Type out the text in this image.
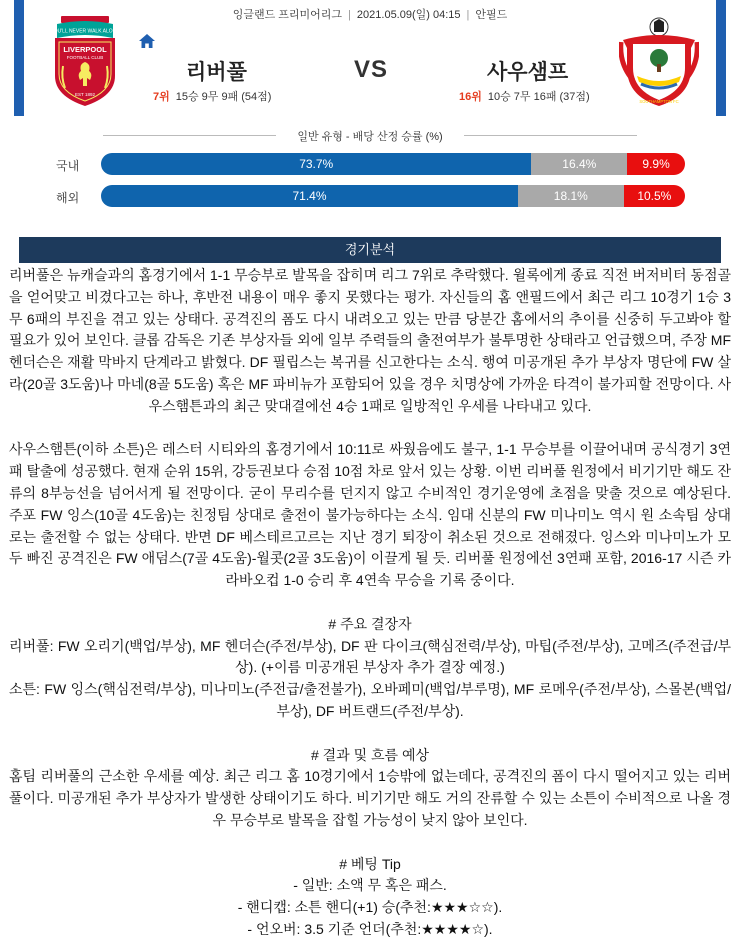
잉글랜드 프리미어리그 | 2021.05.09(일) 04:15 | 안필드
YOU'LL NEVER WALK ALONE
LIVERPOOL
FOOTBALL CLUB
EST 1892
SOUTHAMPTON FC
리버풀	VS	사우샘프
7위 15승 9무 9패 (54점)	16위 10승 7무 16패 (37점)
일반 유형 - 배당 산정 승률 (%)
국내	73.7%	16.4%	9.9%
해외	71.4%	18.1%	10.5%
경기분석

리버풀은 뉴캐슬과의 홈경기에서 1-1 무승부로 발목을 잡히며 리그 7위로 추락했다. 윌록에게 종료 직전 버저비터 동점골을 얻어맞고 비겼다고는 하나, 후반전 내용이 매우 좋지 못했다는 평가. 자신들의 홈 앤필드에서 최근 리그 10경기 1승 3무 6패의 부진을 겪고 있는 상태다. 공격진의 폼도 다시 내려오고 있는 만큼 당분간 홈에서의 추이를 신중히 두고봐야 할 필요가 있어 보인다. 클롭 감독은 기존 부상자들 외에 일부 주력들의 출전여부가 불투명한 상태라고 언급했으며, 주장 MF 헨더슨은 재활 막바지 단계라고 밝혔다. DF 필립스는 복귀를 신고한다는 소식. 행여 미공개된 추가 부상자 명단에 FW 살라(20골 3도움)나 마네(8골 5도움) 혹은 MF 파비뉴가 포함되어 있을 경우 치명상에 가까운 타격이 불가피할 전망이다. 사우스햄튼과의 최근 맞대결에선 4승 1패로 일방적인 우세를 나타내고 있다.

사우스햄튼(이하 소튼)은 레스터 시티와의 홈경기에서 10:11로 싸웠음에도 불구, 1-1 무승부를 이끌어내며 공식경기 3연패 탈출에 성공했다. 현재 순위 15위, 강등권보다 승점 10점 차로 앞서 있는 상황. 이번 리버풀 원정에서 비기기만 해도 잔류의 8부능선을 넘어서게 될 전망이다. 굳이 무리수를 던지지 않고 수비적인 경기운영에 초점을 맞출 것으로 예상된다. 주포 FW 잉스(10골 4도움)는 친정팀 상대로 출전이 불가능하다는 소식. 임대 신분의 FW 미나미노 역시 원 소속팀 상대로는 출전할 수 없는 상태다. 반면 DF 베스테르고르는 지난 경기 퇴장이 취소된 것으로 전해졌다. 잉스와 미나미노가 모두 빠진 공격진은 FW 애덤스(7골 4도움)-월콧(2골 3도움)이 이끌게 될 듯. 리버풀 원정에선 3연패 포함, 2016-17 시즌 카라바오컵 1-0 승리 후 4연속 무승을 기록 중이다.

# 주요 결장자

리버풀: FW 오리기(백업/부상), MF 헨더슨(주전/부상), DF 판 다이크(핵심전력/부상), 마팁(주전/부상), 고메즈(주전급/부상). (+이름 미공개된 부상자 추가 결장 예정.)

소튼: FW 잉스(핵심전력/부상), 미나미노(주전급/출전불가), 오바페미(백업/부루명), MF 로메우(주전/부상), 스몰본(백업/부상), DF 버트랜드(주전/부상).

# 결과 및 흐름 예상

홈팀 리버풀의 근소한 우세를 예상. 최근 리그 홈 10경기에서 1승밖에 없는데다, 공격진의 폼이 다시 떨어지고 있는 리버풀이다. 미공개된 추가 부상자가 발생한 상태이기도 하다. 비기기만 해도 거의 잔류할 수 있는 소튼이 수비적으로 나올 경우 무승부로 발목을 잡힐 가능성이 낮지 않아 보인다.

# 베팅 Tip

- 일반: 소액 무 혹은 패스.

- 핸디캡: 소튼 핸디(+1) 승(추천:★★★☆☆).

- 언오버: 3.5 기준 언더(추천:★★★★☆).
